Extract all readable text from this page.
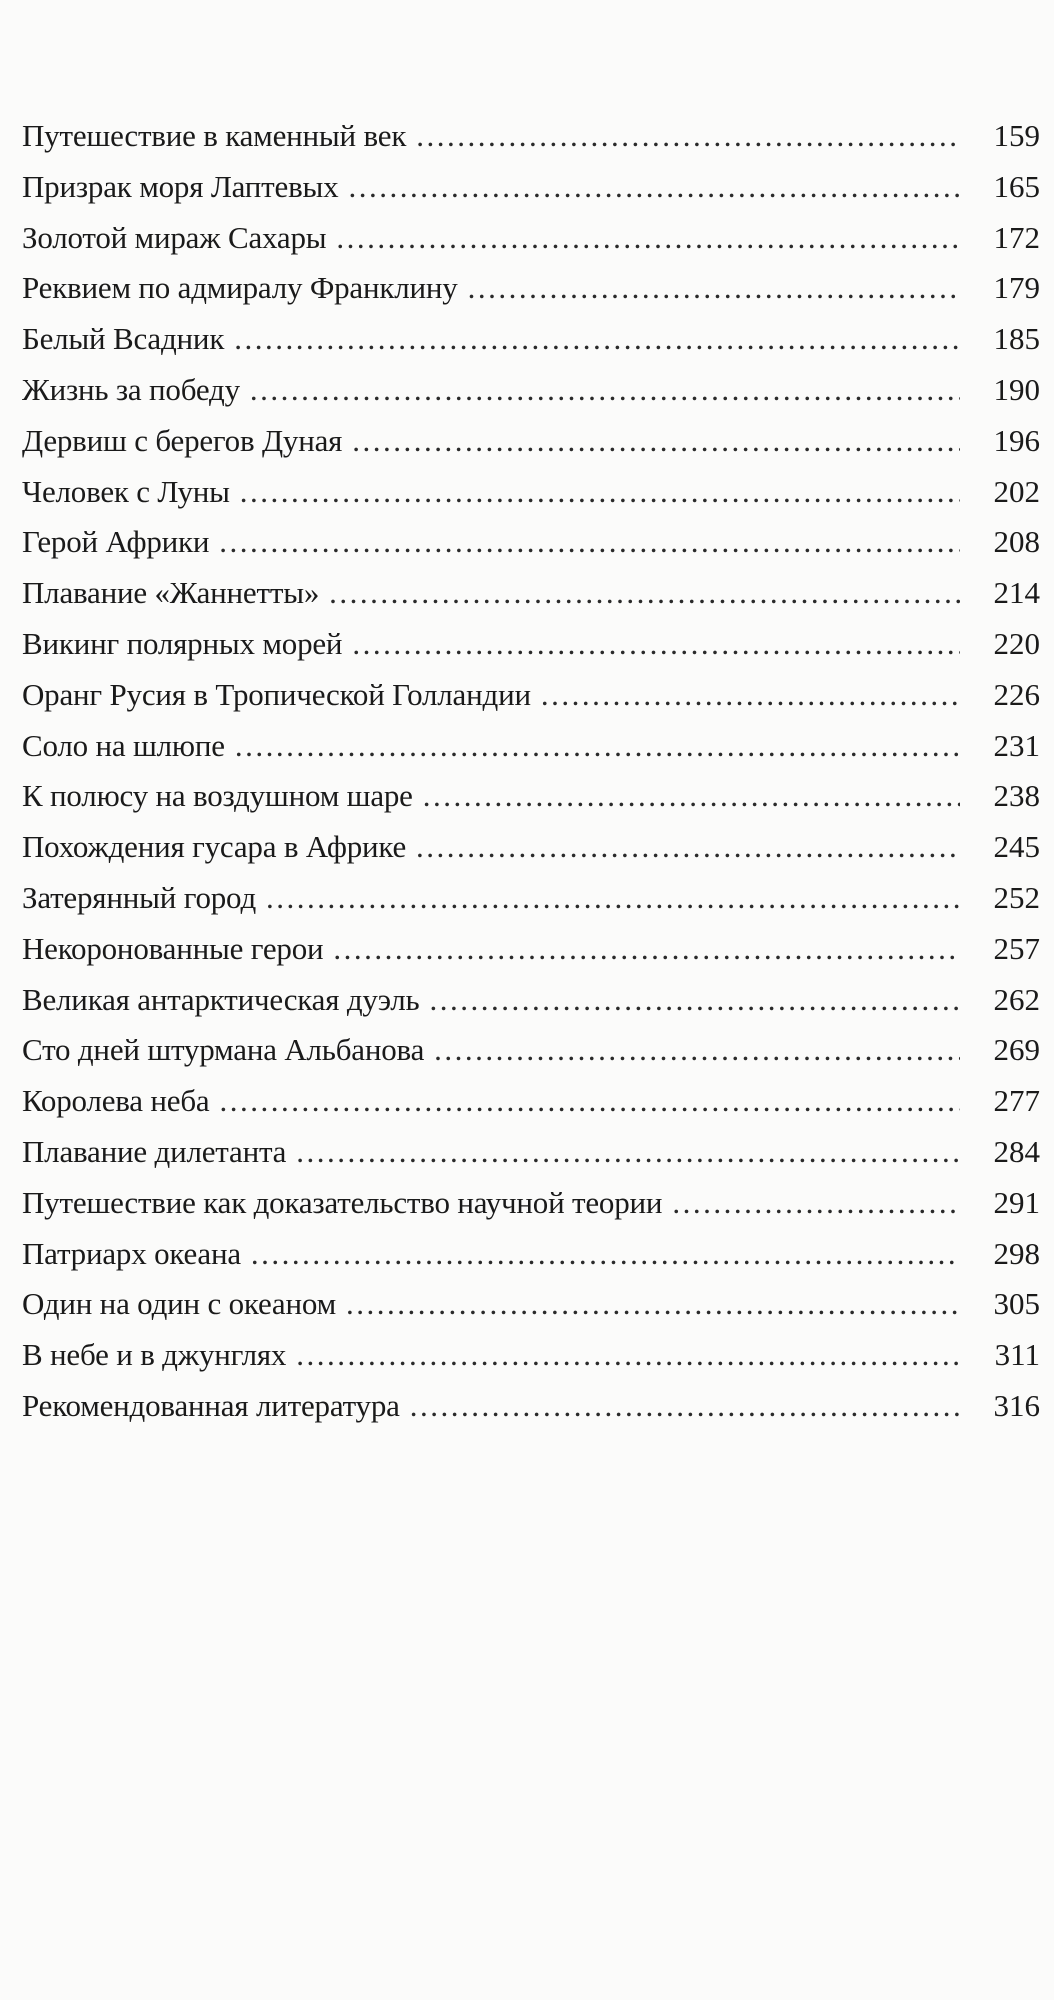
Путешествие в каменный век .....	159
Призрак моря Лаптевых .....	165
Золотой мираж Сахары .....	172
Реквием по адмиралу Франклину .....	179
Белый Всадник .....	185
Жизнь за победу .....	190
Дервиш с берегов Дуная .....	196
Человек с Луны .....	202
Герой Африки .....	208
Плавание «Жаннетты» .....	214
Викинг полярных морей .....	220
Оранг Русия в Тропической Голландии .....	226
Соло на шлюпе .....	231
К полюсу на воздушном шаре .....	238
Похождения гусара в Африке .....	245
Затерянный город .....	252
Некоронованные герои .....	257
Великая антарктическая дуэль .....	262
Сто дней штурмана Альбанова .....	269
Королева неба .....	277
Плавание дилетанта .....	284
Путешествие как доказательство научной теории .....	291
Патриарх океана .....	298
Один на один с океаном .....	305
В небе и в джунглях .....	311
Рекомендованная литература .....	316
